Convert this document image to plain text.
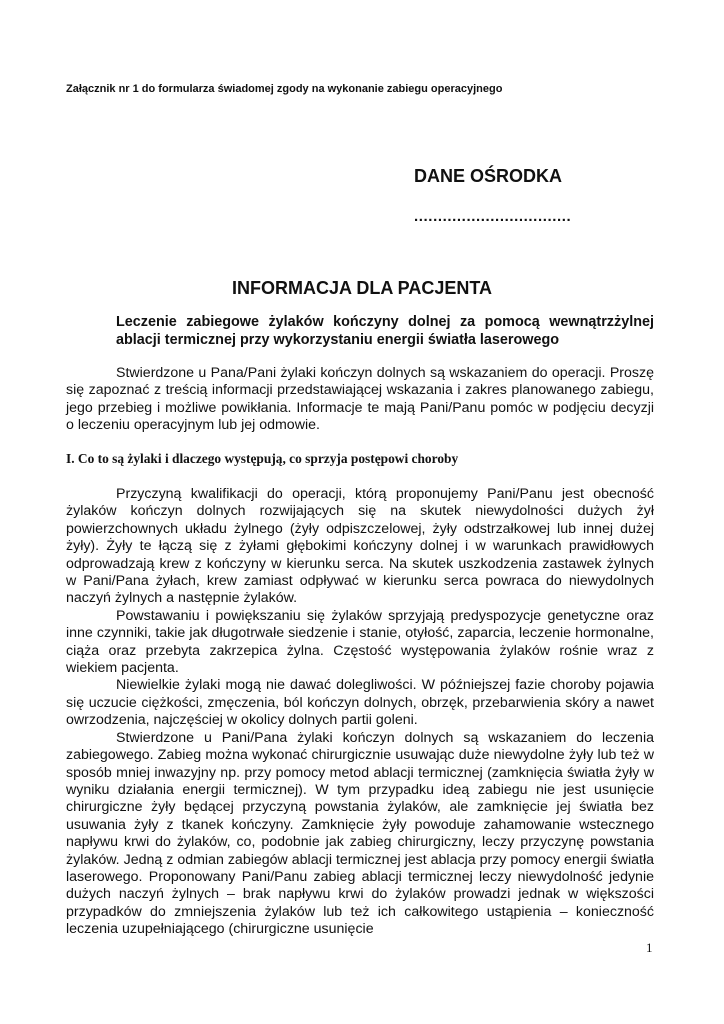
Załącznik nr 1 do formularza świadomej zgody na wykonanie zabiegu operacyjnego
DANE OŚRODKA
.................................
INFORMACJA DLA PACJENTA
Leczenie zabiegowe żylaków kończyny dolnej za pomocą wewnątrzżylnej ablacji termicznej przy wykorzystaniu energii światła laserowego

Stwierdzone u Pana/Pani żylaki kończyn dolnych są wskazaniem do operacji. Proszę się zapoznać z treścią informacji przedstawiającej wskazania i zakres planowanego zabiegu, jego przebieg i możliwe powikłania. Informacje te mają Pani/Panu pomóc w podjęciu decyzji o leczeniu operacyjnym lub jej odmowie.

I. Co to są żylaki i dlaczego występują, co sprzyja postępowi choroby

Przyczyną kwalifikacji do operacji, którą proponujemy Pani/Panu jest obecność żylaków kończyn dolnych rozwijających się na skutek niewydolności dużych żył powierzchownych układu żylnego (żyły odpiszczelowej, żyły odstrzałkowej lub innej dużej żyły). Żyły te łączą się z żyłami głębokimi kończyny dolnej i w warunkach prawidłowych odprowadzają krew z kończyny w kierunku serca. Na skutek uszkodzenia zastawek żylnych w Pani/Pana żyłach, krew zamiast odpływać w kierunku serca powraca do niewydolnych naczyń żylnych a następnie żylaków.

Powstawaniu i powiększaniu się żylaków sprzyjają predyspozycje genetyczne oraz inne czynniki, takie jak długotrwałe siedzenie i stanie, otyłość, zaparcia, leczenie hormonalne, ciąża oraz przebyta zakrzepica żylna. Częstość występowania żylaków rośnie wraz z wiekiem pacjenta.

Niewielkie żylaki mogą nie dawać dolegliwości. W późniejszej fazie choroby pojawia się uczucie ciężkości, zmęczenia, ból kończyn dolnych, obrzęk, przebarwienia skóry a nawet owrzodzenia, najczęściej w okolicy dolnych partii goleni.

Stwierdzone u Pani/Pana żylaki kończyn dolnych są wskazaniem do leczenia zabiegowego. Zabieg można wykonać chirurgicznie usuwając duże niewydolne żyły lub też w sposób mniej inwazyjny np. przy pomocy metod ablacji termicznej (zamknięcia światła żyły w wyniku działania energii termicznej). W tym przypadku ideą zabiegu nie jest usunięcie chirurgiczne żyły będącej przyczyną powstania żylaków, ale zamknięcie jej światła bez usuwania żyły z tkanek kończyny. Zamknięcie żyły powoduje zahamowanie wstecznego napływu krwi do żylaków, co, podobnie jak zabieg chirurgiczny, leczy przyczynę powstania żylaków. Jedną z odmian zabiegów ablacji termicznej jest ablacja przy pomocy energii światła laserowego. Proponowany Pani/Panu zabieg ablacji termicznej leczy niewydolność jedynie dużych naczyń żylnych – brak napływu krwi do żylaków prowadzi jednak w większości przypadków do zmniejszenia żylaków lub też ich całkowitego ustąpienia – konieczność leczenia uzupełniającego (chirurgiczne usunięcie

1
